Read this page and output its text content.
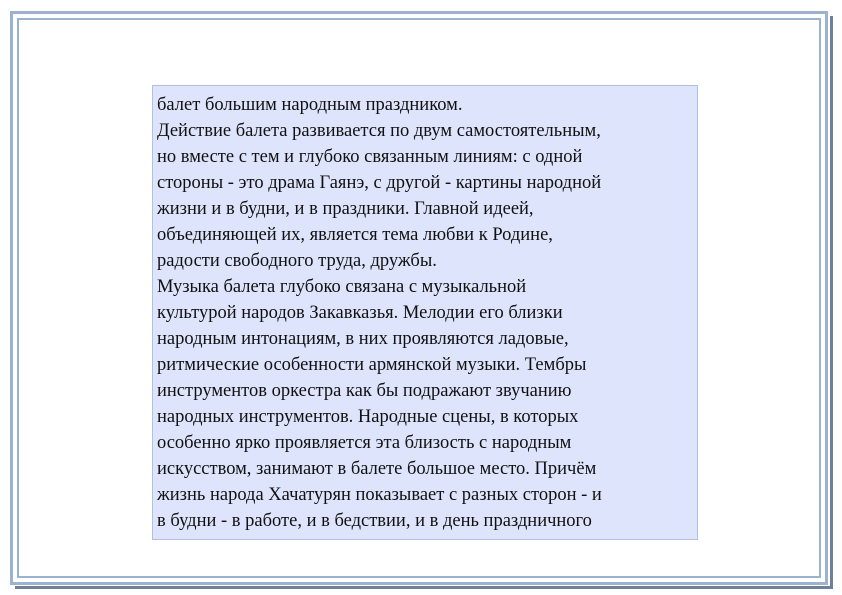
балет большим народным праздником.
Действие балета развивается по двум самостоятельным,
но вместе с тем и глубоко связанным линиям: с одной
стороны - это драма Гаянэ, с другой - картины народной
жизни и в будни, и в праздники. Главной идеей,
объединяющей их, является тема любви к Родине,
радости свободного труда, дружбы.
Музыка балета глубоко связана с музыкальной
культурой народов Закавказья. Мелодии его близки
народным интонациям, в них проявляются ладовые,
ритмические особенности армянской музыки. Тембры
инструментов оркестра как бы подражают звучанию
народных инструментов. Народные сцены, в которых
особенно ярко проявляется эта близость с народным
искусством, занимают в балете большое место. Причём
жизнь народа Хачатурян показывает с разных сторон - и
в будни - в работе, и в бедствии, и в день праздничного
